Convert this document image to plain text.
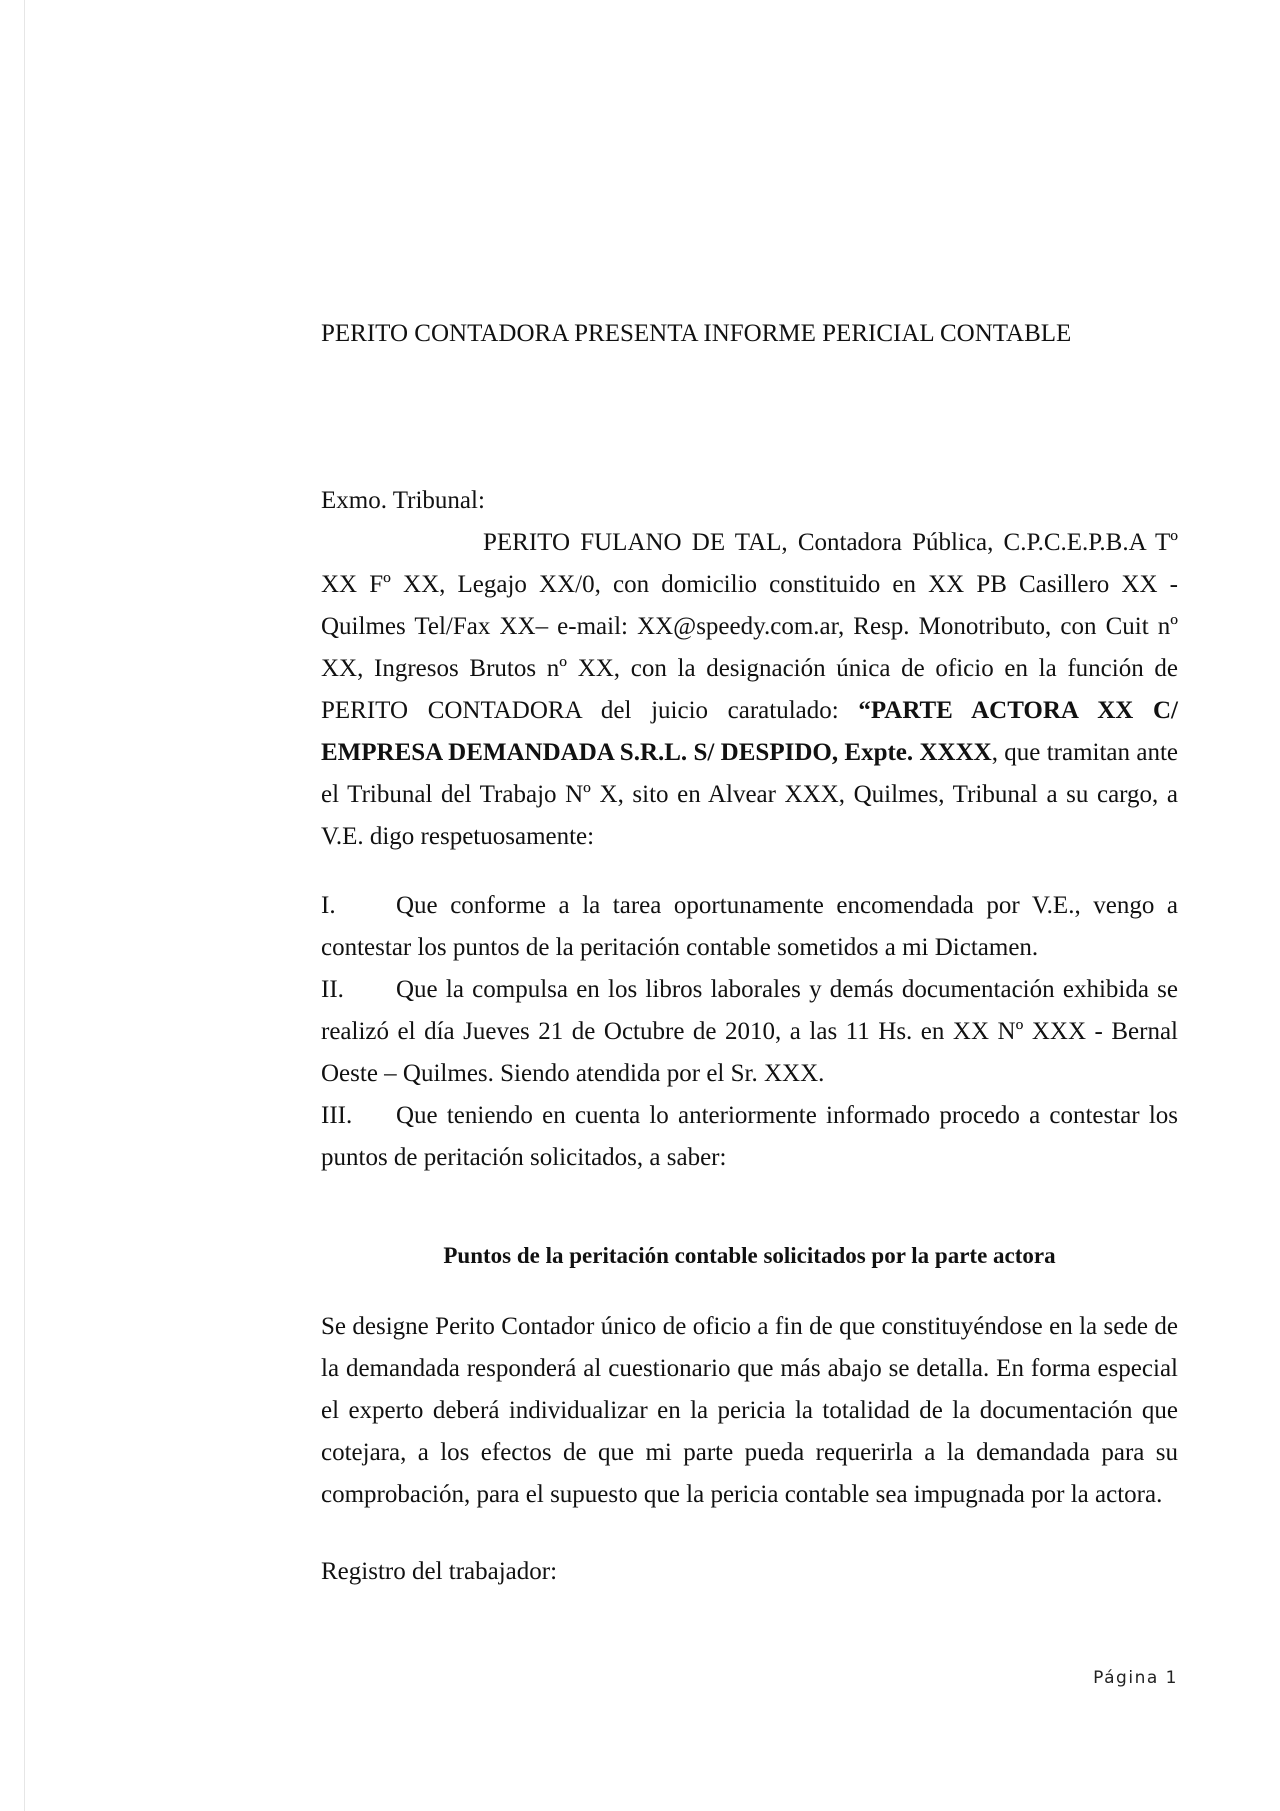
PERITO CONTADORA PRESENTA INFORME PERICIAL CONTABLE
Exmo. Tribunal:

PERITO FULANO DE TAL, Contadora Pública, C.P.C.E.P.B.A Tº XX Fº XX, Legajo XX/0, con domicilio constituido en XX PB Casillero XX - Quilmes Tel/Fax XX– e-mail: XX@speedy.com.ar, Resp. Monotributo, con Cuit nº XX, Ingresos Brutos nº XX, con la designación única de oficio en la función de PERITO CONTADORA del juicio caratulado: “PARTE ACTORA XX C/ EMPRESA DEMANDADA S.R.L. S/ DESPIDO, Expte. XXXX, que tramitan ante el Tribunal del Trabajo Nº X, sito en Alvear XXX, Quilmes, Tribunal a su cargo, a V.E. digo respetuosamente:

I. Que conforme a la tarea oportunamente encomendada por V.E., vengo a contestar los puntos de la peritación contable sometidos a mi Dictamen.

II. Que la compulsa en los libros laborales y demás documentación exhibida se realizó el día Jueves 21 de Octubre de 2010, a las 11 Hs. en XX Nº XXX - Bernal Oeste – Quilmes. Siendo atendida por el Sr. XXX.

III. Que teniendo en cuenta lo anteriormente informado procedo a contestar los puntos de peritación solicitados, a saber:

Puntos de la peritación contable solicitados por la parte actora

Se designe Perito Contador único de oficio a fin de que constituyéndose en la sede de la demandada responderá al cuestionario que más abajo se detalla. En forma especial el experto deberá individualizar en la pericia la totalidad de la documentación que cotejara, a los efectos de que mi parte pueda requerirla a la demandada para su comprobación, para el supuesto que la pericia contable sea impugnada por la actora.

Registro del trabajador:
Página 1
